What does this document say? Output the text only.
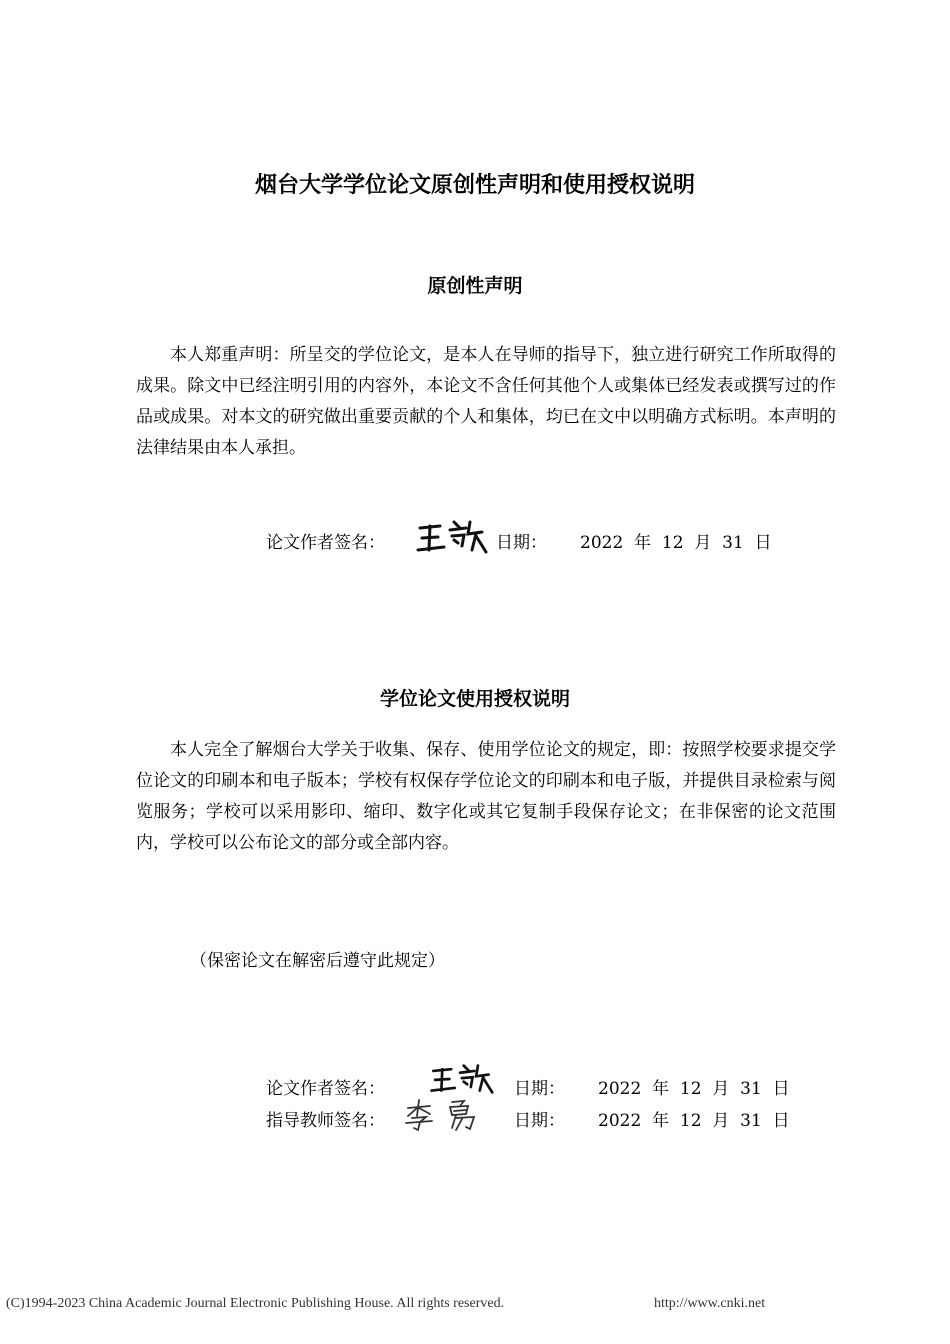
烟台大学学位论文原创性声明和使用授权说明
原创性声明

本人郑重声明：所呈交的学位论文，是本人在导师的指导下，独立进行研究工作所取得的成果。除文中已经注明引用的内容外，本论文不含任何其他个人或集体已经发表或撰写过的作品或成果。对本文的研究做出重要贡献的个人和集体，均已在文中以明确方式标明。本声明的法律结果由本人承担。

论文作者签名：	日期： 2022  年  12  月  31  日
学位论文使用授权说明

本人完全了解烟台大学关于收集、保存、使用学位论文的规定，即：按照学校要求提交学位论文的印刷本和电子版本；学校有权保存学位论文的印刷本和电子版，并提供目录检索与阅览服务；学校可以采用影印、缩印、数字化或其它复制手段保存论文；在非保密的论文范围内，学校可以公布论文的部分或全部内容。

（保密论文在解密后遵守此规定）
论文作者签名：	日期： 2022  年  12  月  31  日
指导教师签名：	日期： 2022  年  12  月  31  日
(C)1994-2023 China Academic Journal Electronic Publishing House. All rights reserved.	http://www.cnki.net
